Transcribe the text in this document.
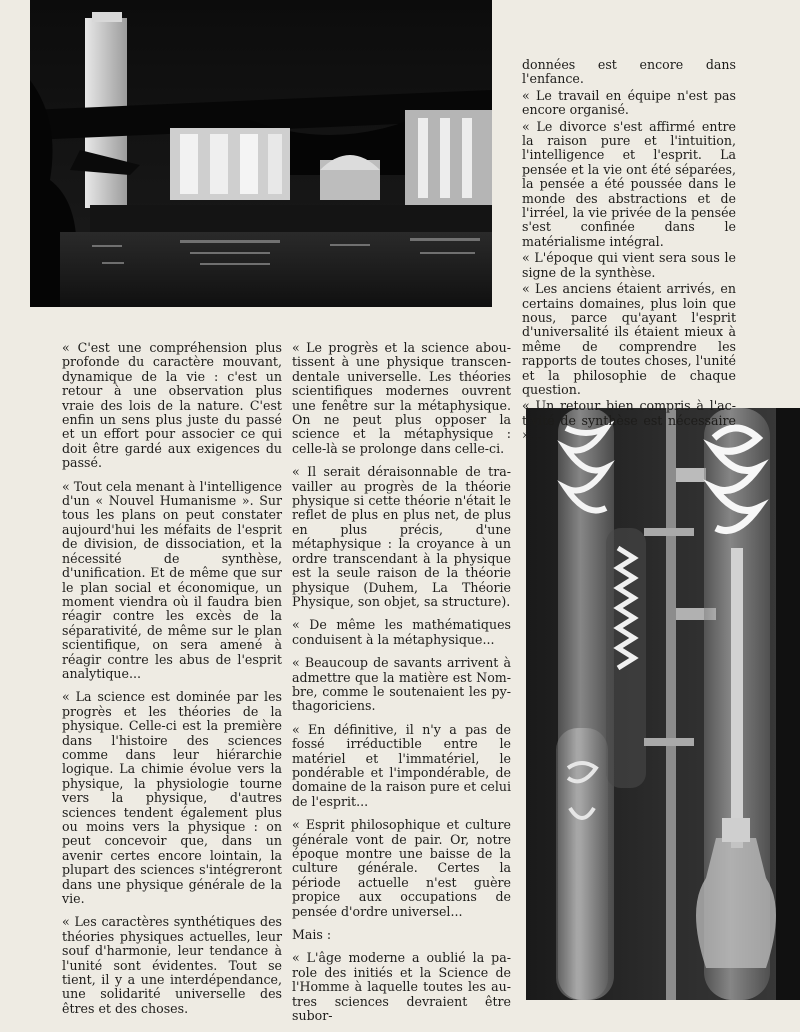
« C'est une compréhension plus profonde du caractère mouvant, dynamique de la vie : c'est un retour à une observation plus vraie des lois de la nature. C'est enfin un sens plus juste du passé et un effort pour associer ce qui doit être gardé aux exigences du passé.

« Tout cela menant à l'intelligence d'un « Nouvel Humanisme ». Sur tous les plans on peut constater aujourd'hui les méfaits de l'esprit de division, de dissociation, et la nécessité de synthèse, d'unification. Et de même que sur le plan social et économique, un moment viendra où il faudra bien réagir contre les excès de la séparativité, de même sur le plan scientifique, on sera amené à réagir contre les abus de l'esprit analytique...

« La science est dominée par les progrès et les théories de la physique. Celle-ci est la première dans l'histoire des sciences comme dans leur hiérarchie logique. La chimie évolue vers la physique, la physiologie tourne vers la physique, d'autres sciences tendent également plus ou moins vers la physique : on peut concevoir que, dans un avenir certes encore lointain, la plupart des sciences s'intégreront dans une physique générale de la vie.

« Les caractères synthétiques des théories physiques actuelles, leur souf d'harmonie, leur tendance à l'unité sont évidentes. Tout se tient, il y a une interdépendance, une solidarité universelle des êtres et des choses.

« Le progrès et la science aboutissent à une physique transcendentale universelle. Les théories scientifiques modernes ouvrent une fenêtre sur la métaphysique. On ne peut plus opposer la science et la métaphysique : celle-là se prolonge dans celle-ci.

« Il serait déraisonnable de travailler au progrès de la théorie physique si cette théorie n'était le reflet de plus en plus net, de plus en plus précis, d'une métaphysique : la croyance à un ordre transcendant à la physique est la seule raison de la théorie physique (Duhem, La Théorie Physique, son objet, sa structure).

« De même les mathématiques conduisent à la métaphysique...

« Beaucoup de savants arrivent à admettre que la matière est Nombre, comme le soutenaient les pythagoriciens.

« En définitive, il n'y a pas de fossé irréductible entre le matériel et l'immatériel, le pondérable et l'impondérable, de domaine de la raison pure et celui de l'esprit...

« Esprit philosophique et culture générale vont de pair. Or, notre époque montre une baisse de la culture générale. Certes la période actuelle n'est guère propice aux occupations de pensée d'ordre universel...

Mais :

« L'âge moderne a oublié la parole des initiés et la Science de l'Homme à laquelle toutes les autres sciences devraient être subor-

données est encore dans l'enfance.

« Le travail en équipe n'est pas encore organisé.

« Le divorce s'est affirmé entre la raison pure et l'intuition, l'intelligence et l'esprit. La pensée et la vie ont été séparées, la pensée a été poussée dans le monde des abstractions et de l'irréel, la vie privée de la pensée s'est confinée dans le matérialisme intégral.

« L'époque qui vient sera sous le signe de la synthèse.

« Les anciens étaient arrivés, en certains domaines, plus loin que nous, parce qu'ayant l'esprit d'universalité ils étaient mieux à même de comprendre les rapports de toutes choses, l'unité et la philosophie de chaque question.

« Un retour bien compris à l'activité de synthèse est nécessaire »...
